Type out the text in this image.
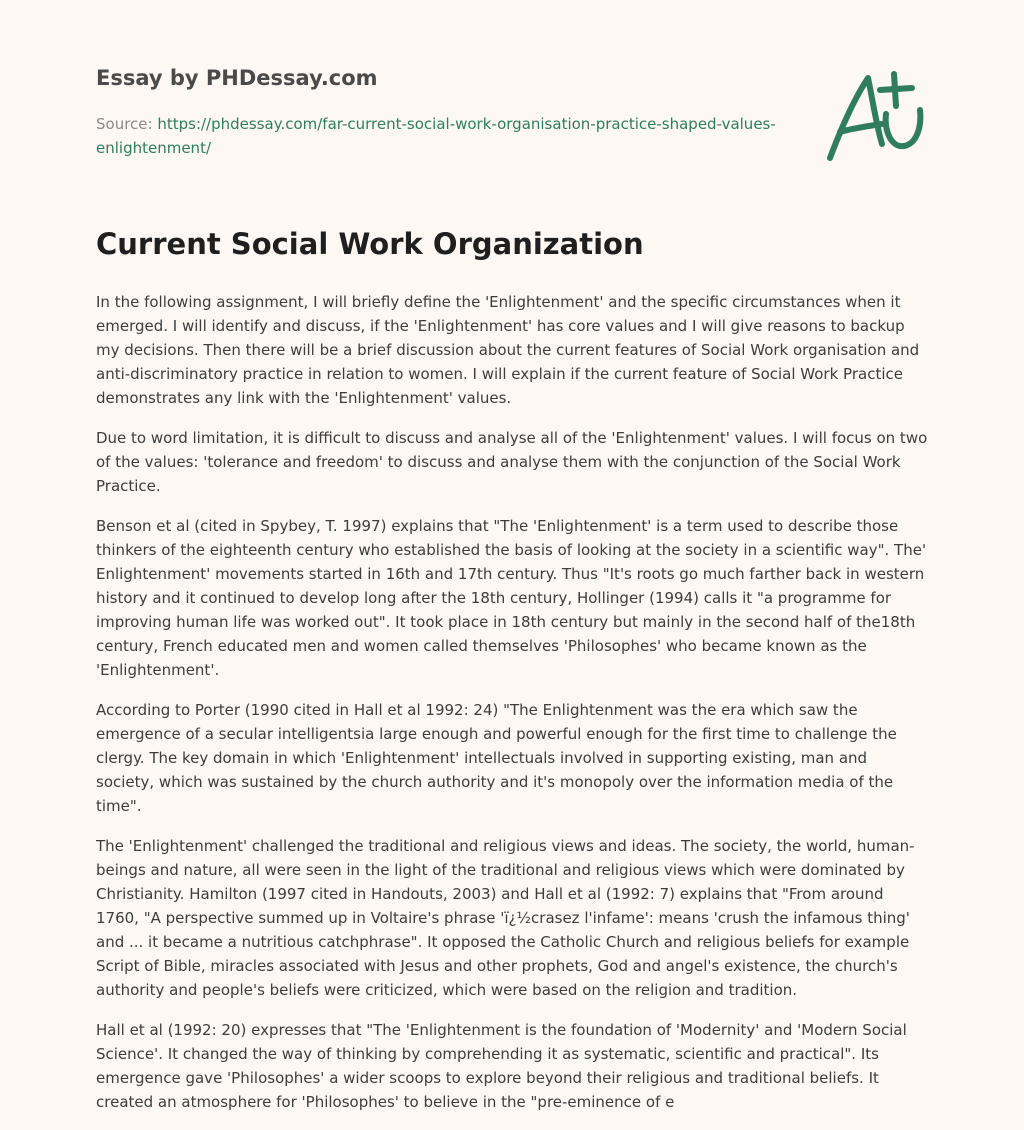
Essay by PHDessay.com
Source: https://phdessay.com/far-current-social-work-organisation-practice-shaped-values-enlightenment/
Current Social Work Organization

In the following assignment, I will briefly define the 'Enlightenment' and the specific circumstances when it emerged. I will identify and discuss, if the 'Enlightenment' has core values and I will give reasons to backup my decisions. Then there will be a brief discussion about the current features of Social Work organisation and anti-discriminatory practice in relation to women. I will explain if the current feature of Social Work Practice demonstrates any link with the 'Enlightenment' values.

Due to word limitation, it is difficult to discuss and analyse all of the 'Enlightenment' values. I will focus on two of the values: 'tolerance and freedom' to discuss and analyse them with the conjunction of the Social Work Practice.

Benson et al (cited in Spybey, T. 1997) explains that "The 'Enlightenment' is a term used to describe those thinkers of the eighteenth century who established the basis of looking at the society in a scientific way". The' Enlightenment' movements started in 16th and 17th century. Thus "It's roots go much farther back in western history and it continued to develop long after the 18th century, Hollinger (1994) calls it "a programme for improving human life was worked out". It took place in 18th century but mainly in the second half of the18th century, French educated men and women called themselves 'Philosophes' who became known as the 'Enlightenment'.

According to Porter (1990 cited in Hall et al 1992: 24) "The Enlightenment was the era which saw the emergence of a secular intelligentsia large enough and powerful enough for the first time to challenge the clergy. The key domain in which 'Enlightenment' intellectuals involved in supporting existing, man and society, which was sustained by the church authority and it's monopoly over the information media of the time".

The 'Enlightenment' challenged the traditional and religious views and ideas. The society, the world, human-beings and nature, all were seen in the light of the traditional and religious views which were dominated by Christianity. Hamilton (1997 cited in Handouts, 2003) and Hall et al (1992: 7) explains that "From around 1760, "A perspective summed up in Voltaire's phrase 'ï¿½crasez l'infame': means 'crush the infamous thing' and ... it became a nutritious catchphrase". It opposed the Catholic Church and religious beliefs for example Script of Bible, miracles associated with Jesus and other prophets, God and angel's existence, the church's authority and people's beliefs were criticized, which were based on the religion and tradition.

Hall et al (1992: 20) expresses that "The 'Enlightenment is the foundation of 'Modernity' and 'Modern Social Science'. It changed the way of thinking by comprehending it as systematic, scientific and practical". Its emergence gave 'Philosophes' a wider scoops to explore beyond their religious and traditional beliefs. It created an atmosphere for 'Philosophes' to believe in the "pre-eminence of e
